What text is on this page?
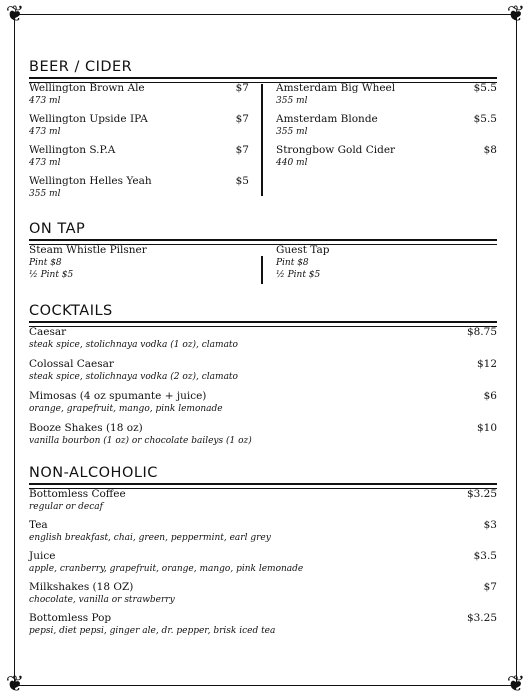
❦	❦
❦	❦
BEER / CIDER
Wellington Brown Ale
473 ml
$7
Wellington Upside IPA
473 ml
$7
Wellington S.P.A
473 ml
$7
Wellington Helles Yeah
355 ml
$5
Amsterdam Big Wheel
355 ml
$5.5
Amsterdam Blonde
355 ml
$5.5
Strongbow Gold Cider
440 ml
$8
ON TAP
Steam Whistle Pilsner
Pint $8
½ Pint $5
Guest Tap
Pint $8
½ Pint $5
COCKTAILS
Caesar
steak spice, stolichnaya vodka (1 oz), clamato
$8.75
Colossal Caesar
steak spice, stolichnaya vodka (2 oz), clamato
$12
Mimosas (4 oz spumante + juice)
orange, grapefruit, mango, pink lemonade
$6
Booze Shakes (18 oz)
vanilla bourbon (1 oz) or chocolate baileys (1 oz)
$10
NON-ALCOHOLIC
Bottomless Coffee
regular or decaf
$3.25
Tea
english breakfast, chai, green, peppermint, earl grey
$3
Juice
apple, cranberry, grapefruit, orange, mango, pink lemonade
$3.5
Milkshakes (18 OZ)
chocolate, vanilla or strawberry
$7
Bottomless Pop
pepsi, diet pepsi, ginger ale, dr. pepper, brisk iced tea
$3.25
